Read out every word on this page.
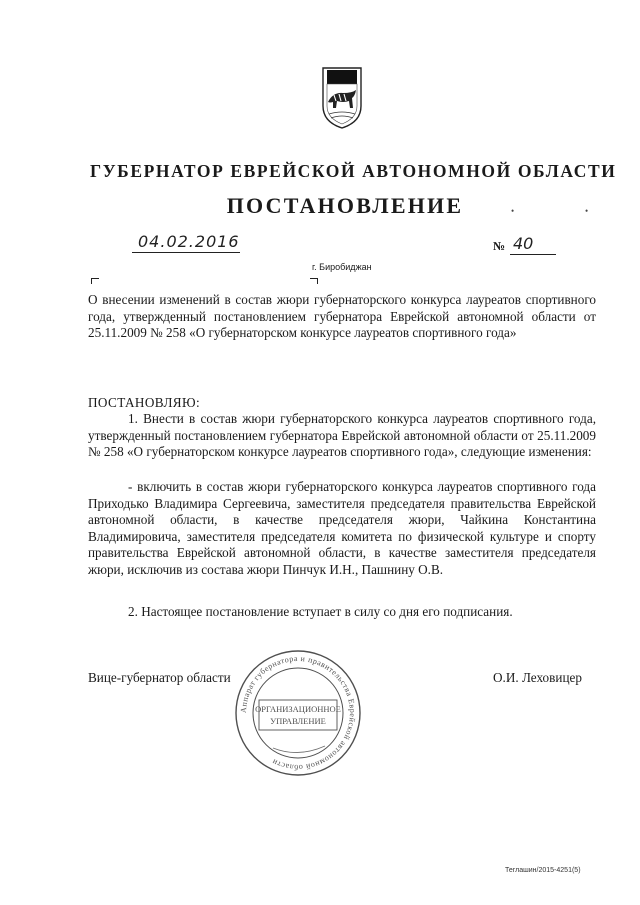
ГУБЕРНАТОР ЕВРЕЙСКОЙ АВТОНОМНОЙ ОБЛАСТИ
ПОСТАНОВЛЕНИЕ	•	•
04.02.2016	№ 40
г. Биробиджан
О внесении изменений в состав жюри губернаторского конкурса лауреатов спортивного года, утвержденный постановлением губернатора Еврейской автономной области от 25.11.2009 № 258 «О губернаторском конкурсе лауреатов спортивного года»
ПОСТАНОВЛЯЮ:
1. Внести в состав жюри губернаторского конкурса лауреатов спортивного года, утвержденный постановлением губернатора Еврейской автономной области от 25.11.2009 № 258 «О губернаторском конкурсе лауреатов спортивного года», следующие изменения:
- включить в состав жюри губернаторского конкурса лауреатов спортивного года Приходько Владимира Сергеевича, заместителя председателя правительства Еврейской автономной области, в качестве председателя жюри, Чайкина Константина Владимировича, заместителя председателя комитета по физической культуре и спорту правительства Еврейской автономной области, в качестве заместителя председателя жюри, исключив из состава жюри Пинчук И.Н., Пашнину О.В.
2. Настоящее постановление вступает в силу со дня его подписания.
Вице-губернатор области	О.И. Леховицер
Аппарат губернатора и правительства Еврейской автономной области
ОРГАНИЗАЦИОННОЕ
УПРАВЛЕНИЕ
Теглашин/2015-4251(5)
